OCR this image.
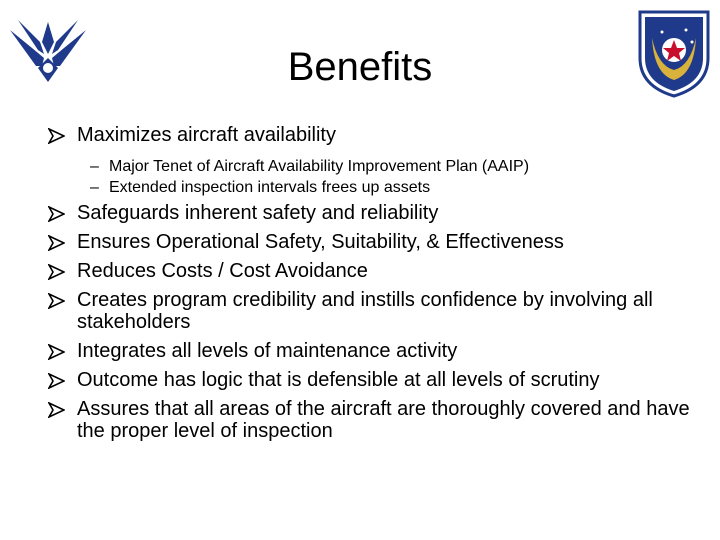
Benefits
Maximizes aircraft availability
– Major Tenet of Aircraft Availability Improvement Plan (AAIP)
– Extended inspection intervals frees up assets
Safeguards inherent safety and reliability
Ensures Operational Safety, Suitability, & Effectiveness
Reduces Costs / Cost Avoidance
Creates program credibility and instills confidence by involving all stakeholders
Integrates all levels of maintenance activity
Outcome has logic that is defensible at all levels of scrutiny
Assures that all areas of the aircraft are thoroughly covered and have the proper level of inspection
